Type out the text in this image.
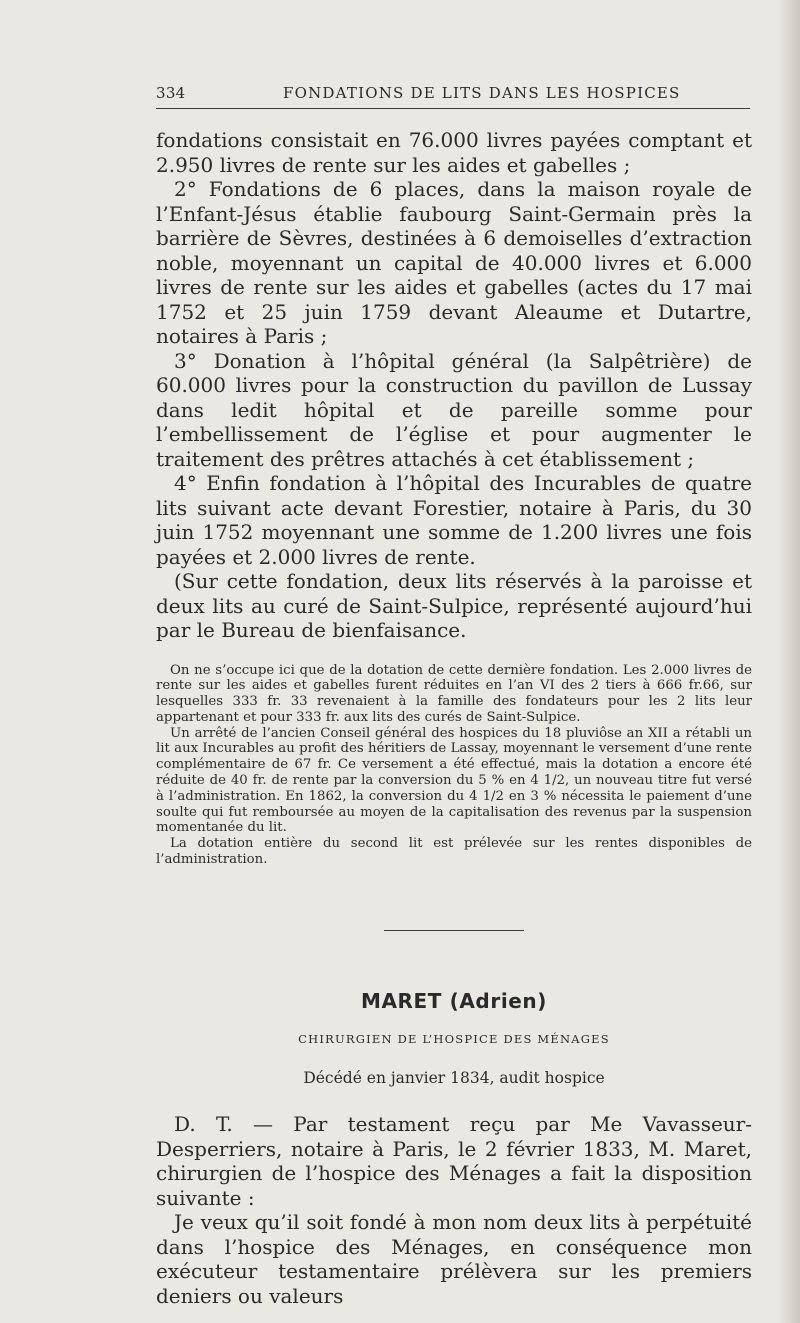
334	FONDATIONS DE LITS DANS LES HOSPICES

fondations consistait en 76.000 livres payées comptant et 2.950 livres de rente sur les aides et gabelles ;

2° Fondations de 6 places, dans la maison royale de l’Enfant-Jésus établie faubourg Saint-Germain près la barrière de Sèvres, destinées à 6 demoiselles d’extraction noble, moyennant un capital de 40.000 livres et 6.000 livres de rente sur les aides et gabelles (actes du 17 mai 1752 et 25 juin 1759 devant Aleaume et Dutartre, notaires à Paris ;

3° Donation à l’hôpital général (la Salpêtrière) de 60.000 livres pour la construction du pavillon de Lussay dans ledit hôpital et de pareille somme pour l’embellissement de l’église et pour augmenter le traitement des prêtres attachés à cet établissement ;

4° Enfin fondation à l’hôpital des Incurables de quatre lits suivant acte devant Forestier, notaire à Paris, du 30 juin 1752 moyennant une somme de 1.200 livres une fois payées et 2.000 livres de rente.

(Sur cette fondation, deux lits réservés à la paroisse et deux lits au curé de Saint-Sulpice, représenté aujourd’hui par le Bureau de bienfaisance.

On ne s’occupe ici que de la dotation de cette dernière fondation. Les 2.000 livres de rente sur les aides et gabelles furent réduites en l’an VI des 2 tiers à 666 fr.66, sur lesquelles 333 fr. 33 revenaient à la famille des fondateurs pour les 2 lits leur appartenant et pour 333 fr. aux lits des curés de Saint-Sulpice.

Un arrêté de l’ancien Conseil général des hospices du 18 pluviôse an XII a rétabli un lit aux Incurables au profit des héritiers de Lassay, moyennant le versement d’une rente complémentaire de 67 fr. Ce versement a été effectué, mais la dotation a encore été réduite de 40 fr. de rente par la conversion du 5 % en 4 1/2, un nouveau titre fut versé à l’administration. En 1862, la conversion du 4 1/2 en 3 % nécessita le paiement d’une soulte qui fut remboursée au moyen de la capitalisation des revenus par la suspension momentanée du lit.

La dotation entière du second lit est prélevée sur les rentes disponibles de l’administration.

MARET (Adrien)
CHIRURGIEN DE L’HOSPICE DES MÉNAGES
Décédé en janvier 1834, audit hospice

D. T. — Par testament reçu par Me Vavasseur-Desperriers, notaire à Paris, le 2 février 1833, M. Maret, chirurgien de l’hospice des Ménages a fait la disposition suivante :

Je veux qu’il soit fondé à mon nom deux lits à perpétuité dans l’hospice des Ménages, en conséquence mon exécuteur testamentaire prélèvera sur les premiers deniers ou valeurs
